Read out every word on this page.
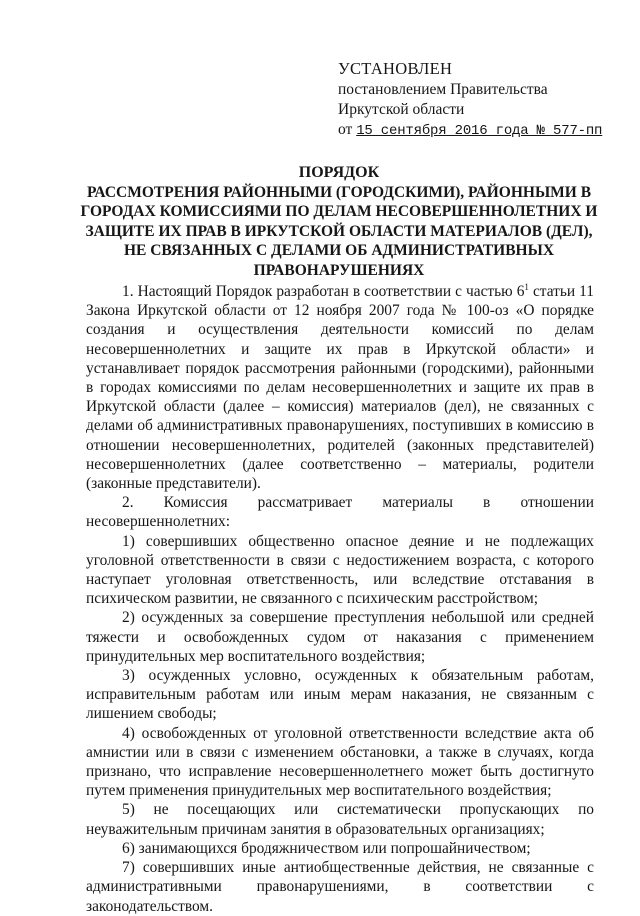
УСТАНОВЛЕН
постановлением Правительства
Иркутской области
от 15 сентября 2016 года № 577-пп
ПОРЯДОК
РАССМОТРЕНИЯ РАЙОННЫМИ (ГОРОДСКИМИ), РАЙОННЫМИ В ГОРОДАХ КОМИССИЯМИ ПО ДЕЛАМ НЕСОВЕРШЕННОЛЕТНИХ И ЗАЩИТЕ ИХ ПРАВ В ИРКУТСКОЙ ОБЛАСТИ МАТЕРИАЛОВ (ДЕЛ), НЕ СВЯЗАННЫХ С ДЕЛАМИ ОБ АДМИНИСТРАТИВНЫХ ПРАВОНАРУШЕНИЯХ

1. Настоящий Порядок разработан в соответствии с частью $6^1$ статьи 11 Закона Иркутской области от 12 ноября 2007 года № 100-оз «О порядке создания и осуществления деятельности комиссий по делам несовершеннолетних и защите их прав в Иркутской области» и устанавливает порядок рассмотрения районными (городскими), районными в городах комиссиями по делам несовершеннолетних и защите их прав в Иркутской области (далее – комиссия) материалов (дел), не связанных с делами об административных правонарушениях, поступивших в комиссию в отношении несовершеннолетних, родителей (законных представителей) несовершеннолетних (далее соответственно – материалы, родители (законные представители).

2. Комиссия рассматривает материалы в отношении несовершеннолетних:

1) совершивших общественно опасное деяние и не подлежащих уголовной ответственности в связи с недостижением возраста, с которого наступает уголовная ответственность, или вследствие отставания в психическом развитии, не связанного с психическим расстройством;

2) осужденных за совершение преступления небольшой или средней тяжести и освобожденных судом от наказания с применением принудительных мер воспитательного воздействия;

3) осужденных условно, осужденных к обязательным работам, исправительным работам или иным мерам наказания, не связанным с лишением свободы;

4) освобожденных от уголовной ответственности вследствие акта об амнистии или в связи с изменением обстановки, а также в случаях, когда признано, что исправление несовершеннолетнего может быть достигнуто путем применения принудительных мер воспитательного воздействия;

5) не посещающих или систематически пропускающих по неуважительным причинам занятия в образовательных организациях;

6) занимающихся бродяжничеством или попрошайничеством;

7) совершивших иные антиобщественные действия, не связанные с административными правонарушениями, в соответствии с законодательством.
